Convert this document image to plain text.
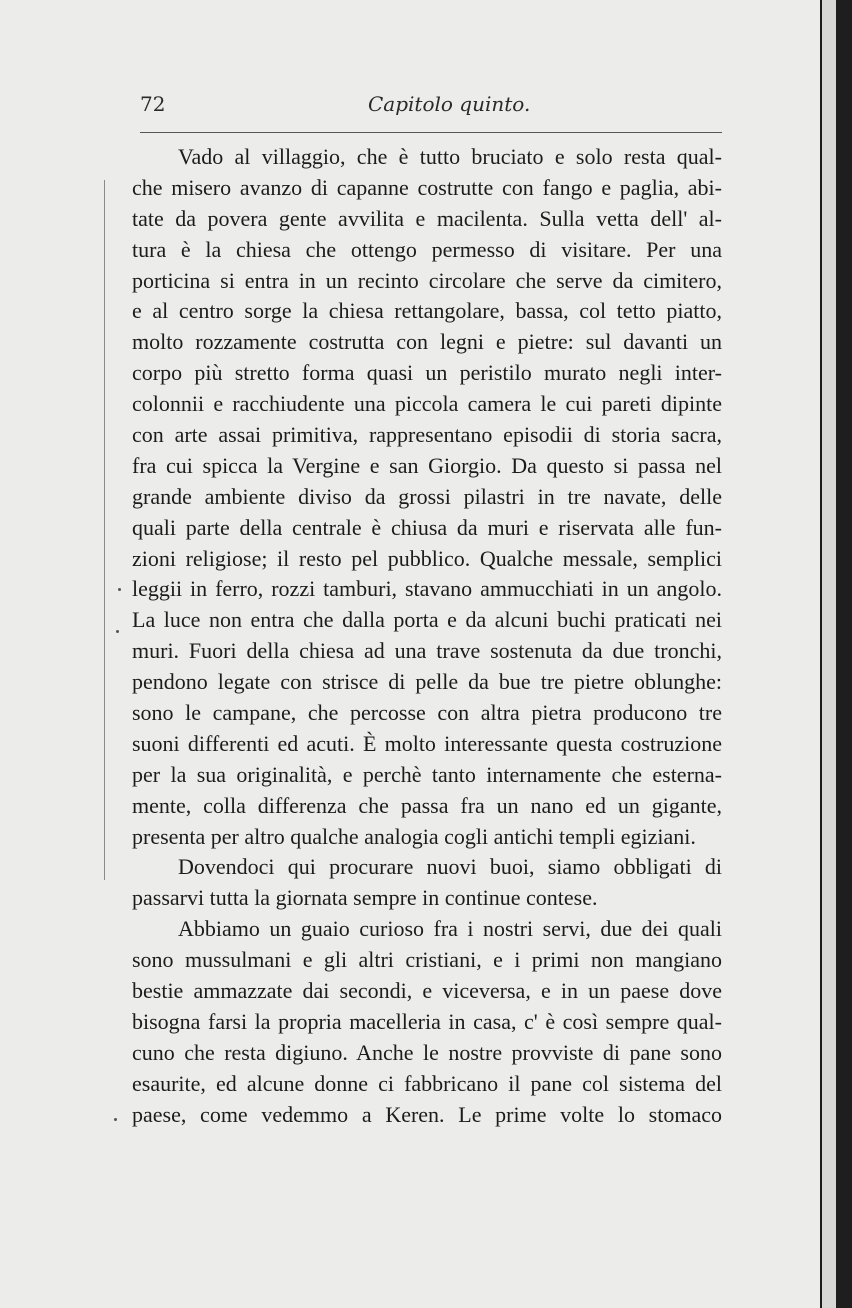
72	Capitolo quinto.
Vado al villaggio, che è tutto bruciato e solo resta qual-
che misero avanzo di capanne costrutte con fango e paglia, abi-
tate da povera gente avvilita e macilenta. Sulla vetta dell' al-
tura è la chiesa che ottengo permesso di visitare. Per una
porticina si entra in un recinto circolare che serve da cimitero,
e al centro sorge la chiesa rettangolare, bassa, col tetto piatto,
molto rozzamente costrutta con legni e pietre: sul davanti un
corpo più stretto forma quasi un peristilo murato negli inter-
colonnii e racchiudente una piccola camera le cui pareti dipinte
con arte assai primitiva, rappresentano episodii di storia sacra,
fra cui spicca la Vergine e san Giorgio. Da questo si passa nel
grande ambiente diviso da grossi pilastri in tre navate, delle
quali parte della centrale è chiusa da muri e riservata alle fun-
zioni religiose; il resto pel pubblico. Qualche messale, semplici
leggii in ferro, rozzi tamburi, stavano ammucchiati in un angolo.
La luce non entra che dalla porta e da alcuni buchi praticati nei
muri. Fuori della chiesa ad una trave sostenuta da due tronchi,
pendono legate con strisce di pelle da bue tre pietre oblunghe:
sono le campane, che percosse con altra pietra producono tre
suoni differenti ed acuti. È molto interessante questa costruzione
per la sua originalità, e perchè tanto internamente che esterna-
mente, colla differenza che passa fra un nano ed un gigante,
presenta per altro qualche analogia cogli antichi templi egiziani.
Dovendoci qui procurare nuovi buoi, siamo obbligati di
passarvi tutta la giornata sempre in continue contese.
Abbiamo un guaio curioso fra i nostri servi, due dei quali
sono mussulmani e gli altri cristiani, e i primi non mangiano
bestie ammazzate dai secondi, e viceversa, e in un paese dove
bisogna farsi la propria macelleria in casa, c' è così sempre qual-
cuno che resta digiuno. Anche le nostre provviste di pane sono
esaurite, ed alcune donne ci fabbricano il pane col sistema del
paese, come vedemmo a Keren. Le prime volte lo stomaco
